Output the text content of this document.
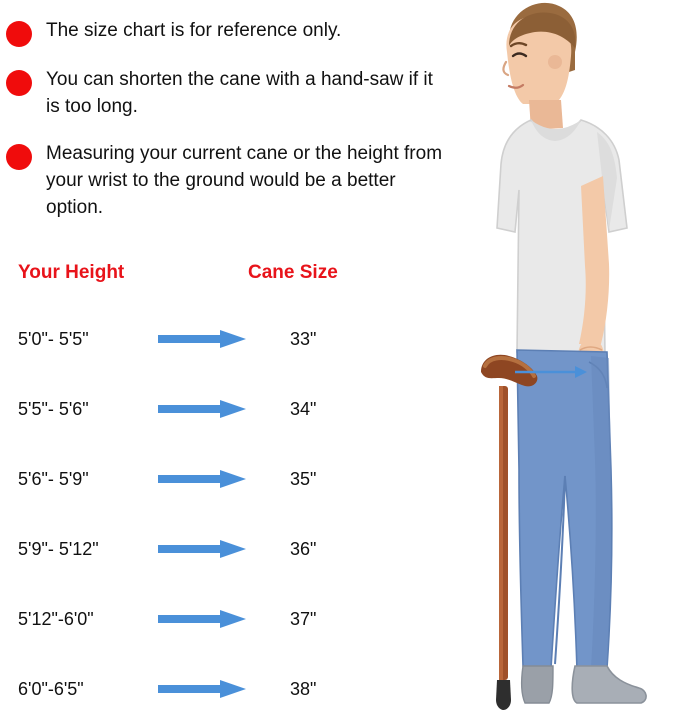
The size chart is for reference only.
You can shorten the cane with a hand-saw if it is too long.
Measuring your current cane or the height from your wrist to the ground would be a better option.
Your Height	Cane Size
5'0"- 5'5"	33"
5'5"- 5'6"	34"
5'6"- 5'9"	35"
5'9"- 5'12"	36"
5'12"-6'0"	37"
6'0"-6'5"	38"
